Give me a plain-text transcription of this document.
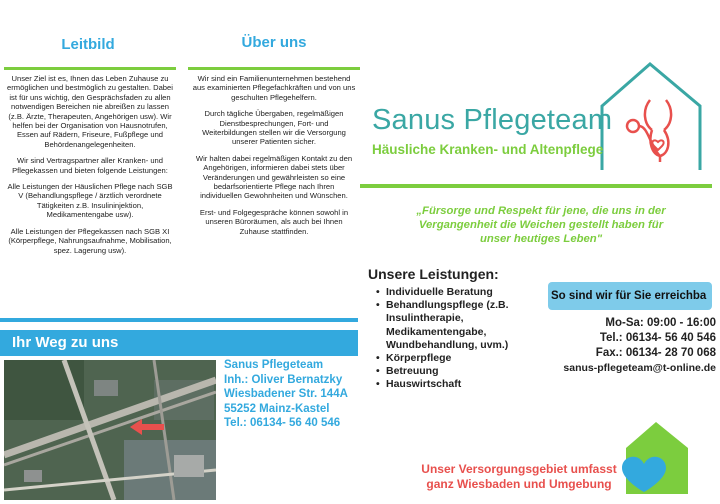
Leitbild

Unser Ziel ist es, Ihnen das Leben Zuhause zu ermöglichen und bestmöglich zu gestalten. Dabei ist für uns wichtig, den Gesprächsfaden zu allen notwendigen Bereichen nie abreißen zu lassen (z.B. Ärzte, Therapeuten, Angehörigen usw). Wir helfen bei der Organisation von Hausnotrufen, Essen auf Rädern, Friseure, Fußpflege und Behördenangelegenheiten.

Wir sind Vertragspartner aller Kranken- und Pflegekassen und bieten folgende Leistungen:

Alle Leistungen der Häuslichen Pflege nach SGB V (Behandlungspflege / ärztlich verordnete Tätigkeiten z.B. Insulininjektion, Medikamentengabe usw).

Alle Leistungen der Pflegekassen nach SGB XI (Körperpflege, Nahrungsaufnahme, Mobilisation, spez. Lagerung usw).

Über uns

Wir sind ein Familienunternehmen bestehend aus examinierten Pflegefachkräften und von uns geschulten Pflegehelfern.

Durch tägliche Übergaben, regelmäßigen Dienstbesprechungen, Fort- und Weiterbildungen stellen wir die Versorgung unserer Patienten sicher.

Wir halten dabei regelmäßigen Kontakt zu den Angehörigen, informieren dabei stets über Veränderungen und gewährleisten so eine bedarfsorientierte Pflege nach Ihren individuellen Gewohnheiten und Wünschen.

Erst- und Folgegespräche können sowohl in unseren Büroräumen, als auch bei Ihnen Zuhause stattfinden.

Ihr Weg zu uns
Sanus Pflegeteam
Inh.: Oliver Bernatzky
Wiesbadener Str. 144A
55252 Mainz-Kastel
Tel.: 06134- 56 40 546
Sanus Pflegeteam
Häusliche Kranken- und Altenpflege
„Fürsorge und Respekt für jene, die uns in der Vergangenheit die Weichen gestellt haben für unser heutiges Leben"
Unsere Leistungen:
• Individuelle Beratung
• Behandlungspflege (z.B. Insulintherapie, Medikamentengabe, Wundbehandlung, uvm.)
• Körperpflege
• Betreuung
• Hauswirtschaft
So sind wir für Sie erreichba
Mo-Sa: 09:00 - 16:00
Tel.: 06134- 56 40 546
Fax.: 06134- 28 70 068
sanus-pflegeteam@t-online.de
Unser Versorgungsgebiet umfasst
ganz Wiesbaden und Umgebung
